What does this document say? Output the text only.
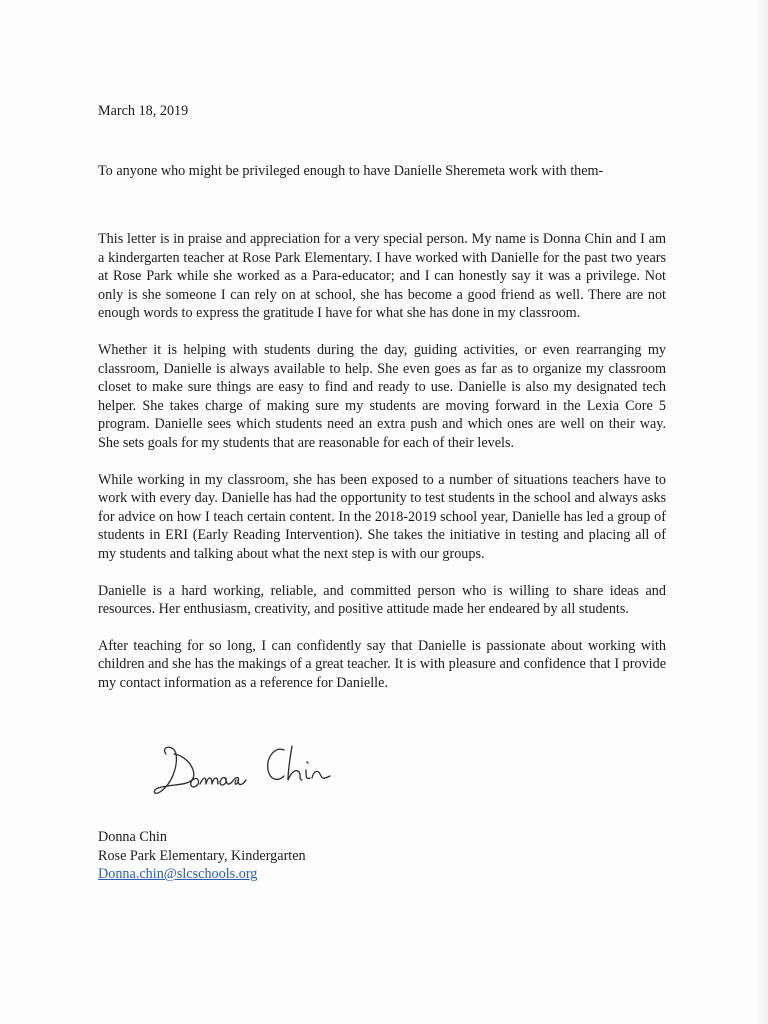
March 18, 2019

To anyone who might be privileged enough to have Danielle Sheremeta work with them-

This letter is in praise and appreciation for a very special person. My name is Donna Chin and I am a kindergarten teacher at Rose Park Elementary. I have worked with Danielle for the past two years at Rose Park while she worked as a Para-educator; and I can honestly say it was a privilege. Not only is she someone I can rely on at school, she has become a good friend as well. There are not enough words to express the gratitude I have for what she has done in my classroom.

Whether it is helping with students during the day, guiding activities, or even rearranging my classroom, Danielle is always available to help. She even goes as far as to organize my classroom closet to make sure things are easy to find and ready to use. Danielle is also my designated tech helper. She takes charge of making sure my students are moving forward in the Lexia Core 5 program. Danielle sees which students need an extra push and which ones are well on their way. She sets goals for my students that are reasonable for each of their levels.

While working in my classroom, she has been exposed to a number of situations teachers have to work with every day. Danielle has had the opportunity to test students in the school and always asks for advice on how I teach certain content. In the 2018-2019 school year, Danielle has led a group of students in ERI (Early Reading Intervention). She takes the initiative in testing and placing all of my students and talking about what the next step is with our groups.

Danielle is a hard working, reliable, and committed person who is willing to share ideas and resources. Her enthusiasm, creativity, and positive attitude made her endeared by all students.

After teaching for so long, I can confidently say that Danielle is passionate about working with children and she has the makings of a great teacher. It is with pleasure and confidence that I provide my contact information as a reference for Danielle.

Donna Chin
Rose Park Elementary, Kindergarten
Donna.chin@slcschools.org
